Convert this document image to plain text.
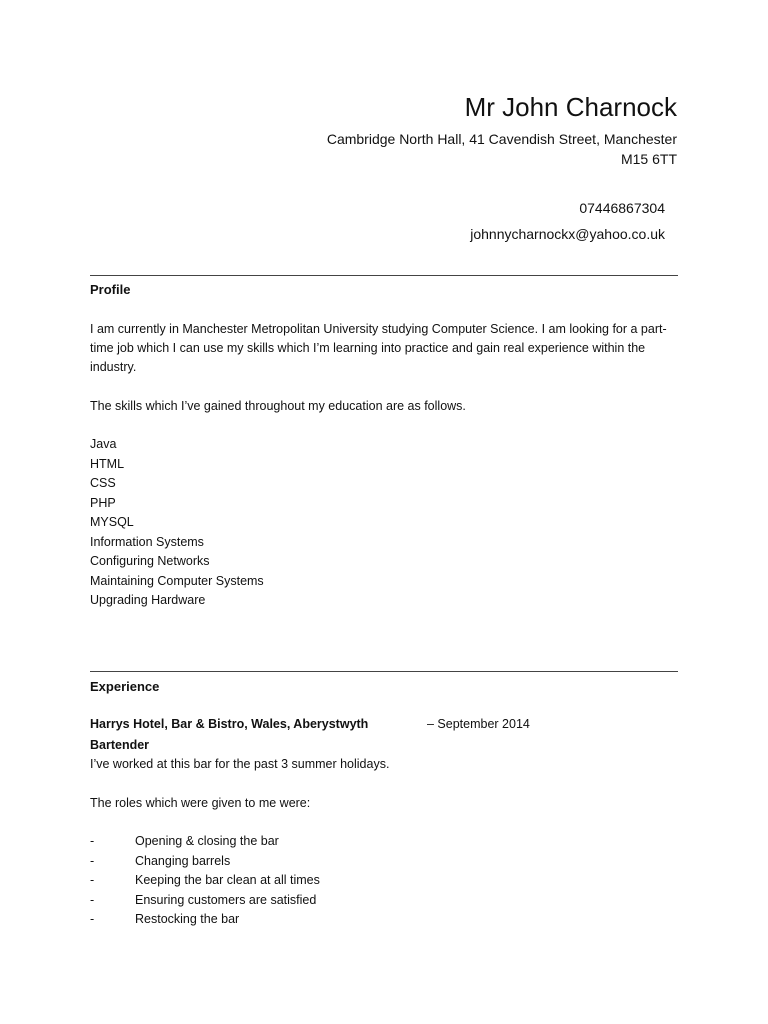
Mr John Charnock
Cambridge North Hall, 41 Cavendish Street, Manchester
M15 6TT
07446867304
johnnycharnockx@yahoo.co.uk
Profile
I am currently in Manchester Metropolitan University studying Computer Science. I am looking for a part-time job which I can use my skills which I’m learning into practice and gain real experience within the industry.
The skills which I’ve gained throughout my education are as follows.
Java
HTML
CSS
PHP
MYSQL
Information Systems
Configuring Networks
Maintaining Computer Systems
Upgrading Hardware
Experience
Harrys Hotel, Bar & Bistro, Wales, Aberystwyth	– September 2014
Bartender
I’ve worked at this bar for the past 3 summer holidays.
The roles which were given to me were:
-	Opening & closing the bar
-	Changing barrels
-	Keeping the bar clean at all times
-	Ensuring customers are satisfied
-	Restocking the bar
